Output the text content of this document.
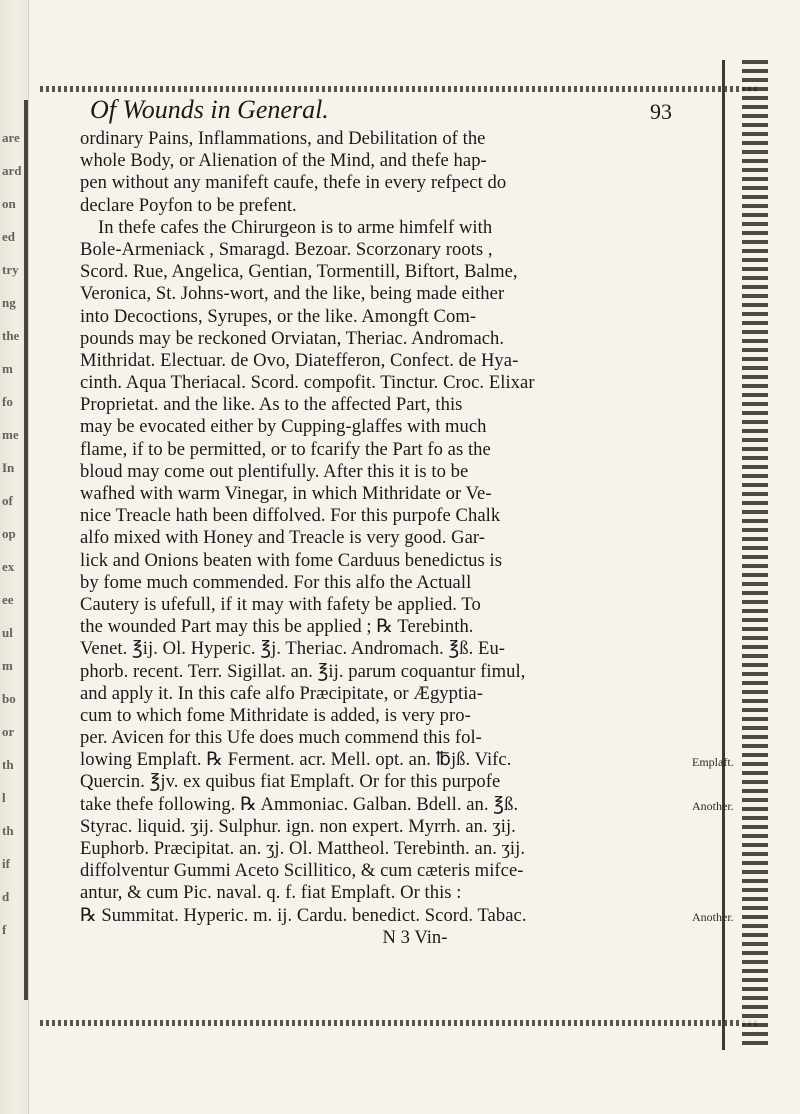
are
ard
on
ed
try
ng
the
m
fo
me
In
of
op
ex
ee
ul
m
bo
or
th
l
th
if
d
f
Of Wounds in General.	93
ordinary Pains, Inflammations, and Debilitation of the
whole Body, or Alienation of the Mind, and thefe hap-
pen without any manifeft caufe, thefe in every refpect do
declare Poyfon to be prefent.
In thefe cafes the Chirurgeon is to arme himfelf with
Bole-Armeniack , Smaragd. Bezoar. Scorzonary roots ,
Scord. Rue, Angelica, Gentian, Tormentill, Biftort, Balme,
Veronica, St. Johns-wort, and the like, being made either
into Decoctions, Syrupes, or the like. Amongft Com-
pounds may be reckoned Orviatan, Theriac. Andromach.
Mithridat. Electuar. de Ovo, Diatefferon, Confect. de Hya-
cinth. Aqua Theriacal. Scord. compofit. Tinctur. Croc. Elixar
Proprietat. and the like. As to the affected Part, this
may be evocated either by Cupping-glaffes with much
flame, if to be permitted, or to fcarify the Part fo as the
bloud may come out plentifully. After this it is to be
wafhed with warm Vinegar, in which Mithridate or Ve-
nice Treacle hath been diffolved. For this purpofe Chalk
alfo mixed with Honey and Treacle is very good. Gar-
lick and Onions beaten with fome Carduus benedictus is
by fome much commended. For this alfo the Actuall
Cautery is ufefull, if it may with fafety be applied. To
the wounded Part may this be applied ; ℞ Terebinth.
Venet. ℥ij. Ol. Hyperic. ℥j. Theriac. Andromach. ℥ß. Eu-
phorb. recent. Terr. Sigillat. an. ℥ij. parum coquantur fimul,
and apply it. In this cafe alfo Præcipitate, or Ægyptia-
cum to which fome Mithridate is added, is very pro-
per. Avicen for this Ufe does much commend this fol-
lowing Emplaft. ℞ Ferment. acr. Mell. opt. an. ℔jß. Vifc.
Quercin. ℥jv. ex quibus fiat Emplaft. Or for this purpofe
take thefe following. ℞ Ammoniac. Galban. Bdell. an. ℥ß.
Styrac. liquid. ʒij. Sulphur. ign. non expert. Myrrh. an. ʒij.
Euphorb. Præcipitat. an. ʒj. Ol. Mattheol. Terebinth. an. ʒij.
diffolventur Gummi Aceto Scillitico, & cum cæteris mifce-
antur, & cum Pic. naval. q. f. fiat Emplaft. Or this :
℞ Summitat. Hyperic. m. ij. Cardu. benedict. Scord. Tabac.
N 3 Vin-
Emplaft.
Another.
Another.
